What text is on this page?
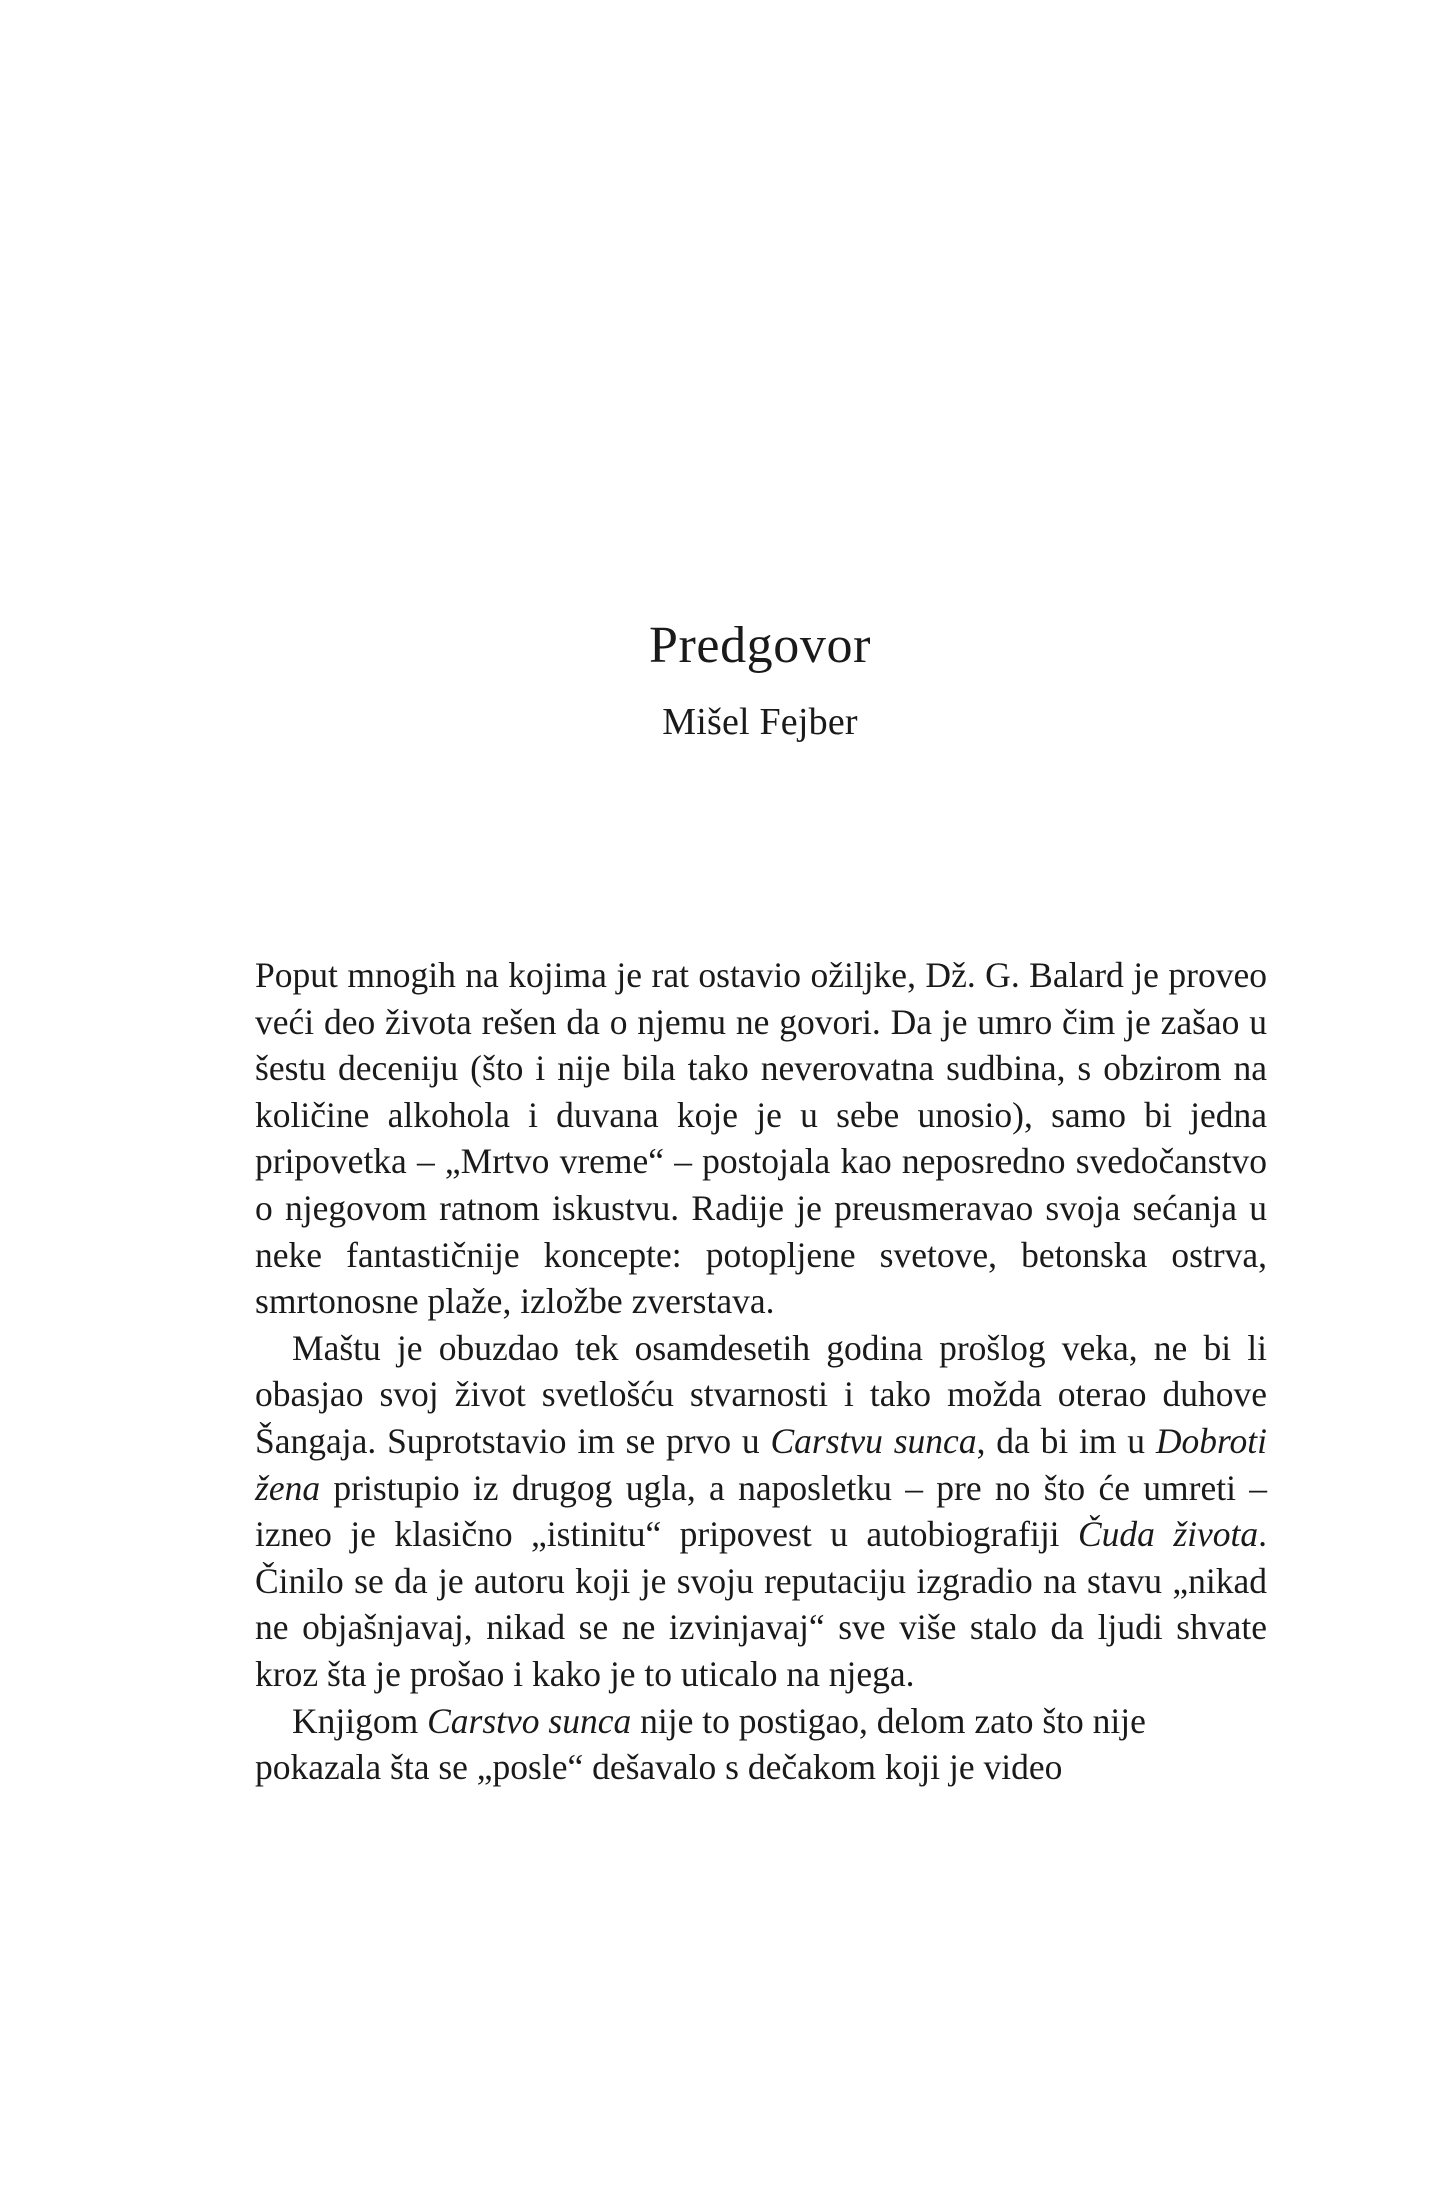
Predgovor
Mišel Fejber

Poput mnogih na kojima je rat ostavio ožiljke, Dž. G. Balard je proveo veći deo života rešen da o njemu ne govori. Da je umro čim je zašao u šestu deceniju (što i nije bila tako neverovatna sudbina, s obzirom na količine alkohola i duvana koje je u sebe unosio), samo bi jedna pripovetka – „Mrtvo vreme“ – postojala kao neposredno svedočanstvo o njegovom ratnom iskustvu. Radije je preusmeravao svoja sećanja u neke fantastičnije koncepte: potopljene svetove, betonska ostrva, smrtonosne plaže, izložbe zverstava.

Maštu je obuzdao tek osamdesetih godina prošlog veka, ne bi li obasjao svoj život svetlošću stvarnosti i tako možda oterao duhove Šangaja. Suprotstavio im se prvo u Carstvu sunca, da bi im u Dobroti žena pristupio iz drugog ugla, a naposletku – pre no što će umreti – izneo je klasično „istinitu“ pripovest u autobiografiji Čuda života. Činilo se da je autoru koji je svoju reputaciju izgradio na stavu „nikad ne objašnjavaj, nikad se ne izvinjavaj“ sve više stalo da ljudi shvate kroz šta je prošao i kako je to uticalo na njega.

Knjigom Carstvo sunca nije to postigao, delom zato što nije pokazala šta se „posle“ dešavalo s dečakom koji je video
